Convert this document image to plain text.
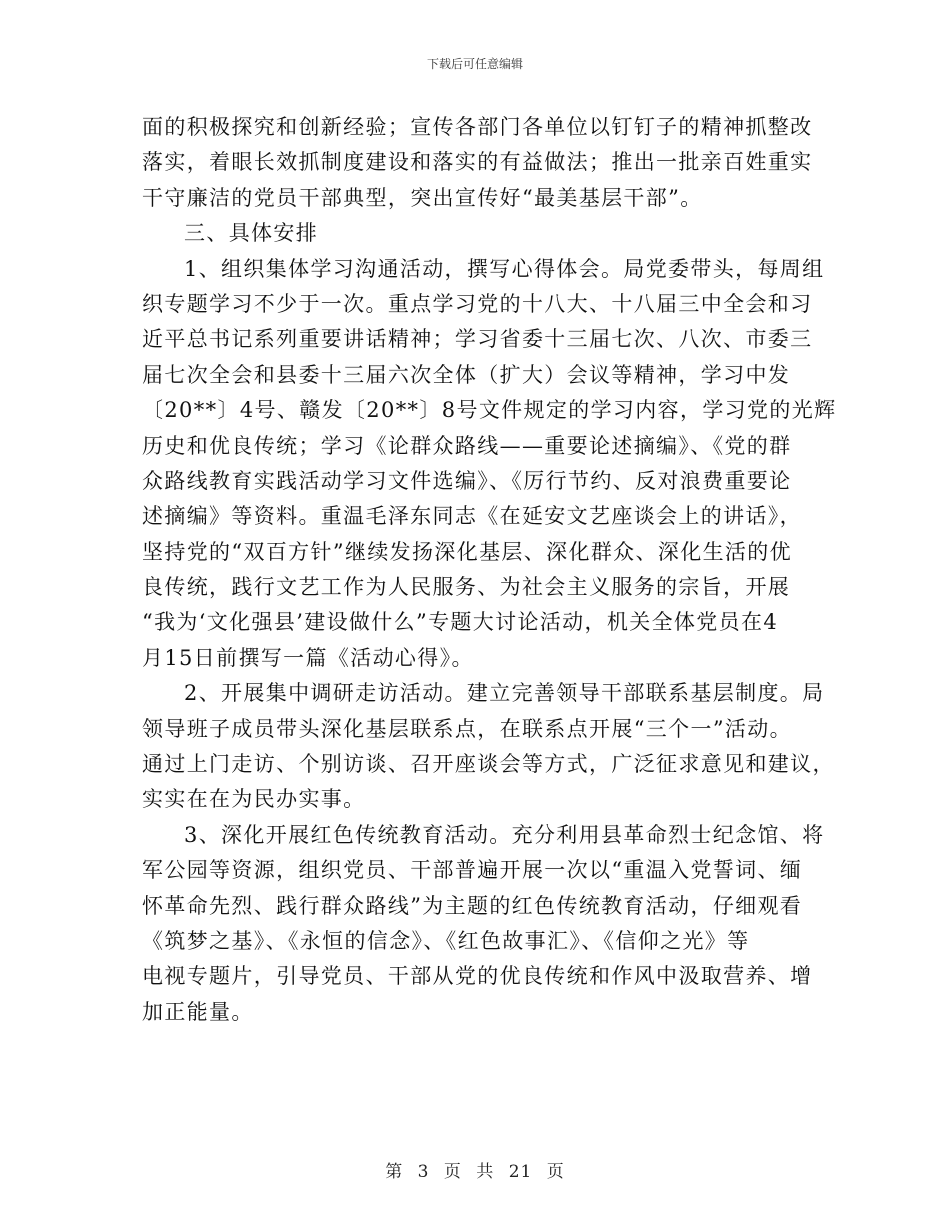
下载后可任意编辑
面的积极探究和创新经验；宣传各部门各单位以钉钉子的精神抓整改
落实，着眼长效抓制度建设和落实的有益做法；推出一批亲百姓重实
干守廉洁的党员干部典型，突出宣传好“最美基层干部”。
三、具体安排
1、组织集体学习沟通活动，撰写心得体会。局党委带头，每周组
织专题学习不少于一次。重点学习党的十八大、十八届三中全会和习
近平总书记系列重要讲话精神；学习省委十三届七次、八次、市委三
届七次全会和县委十三届六次全体（扩大）会议等精神，学习中发
〔20**〕4号、赣发〔20**〕8号文件规定的学习内容，学习党的光辉
历史和优良传统；学习《论群众路线——重要论述摘编》、《党的群
众路线教育实践活动学习文件选编》、《厉行节约、反对浪费重要论
述摘编》等资料。重温毛泽东同志《在延安文艺座谈会上的讲话》，
坚持党的“双百方针”继续发扬深化基层、深化群众、深化生活的优
良传统，践行文艺工作为人民服务、为社会主义服务的宗旨，开展
“我为‘文化强县’建设做什么”专题大讨论活动，机关全体党员在4
月15日前撰写一篇《活动心得》。
2、开展集中调研走访活动。建立完善领导干部联系基层制度。局
领导班子成员带头深化基层联系点，在联系点开展“三个一”活动。
通过上门走访、个别访谈、召开座谈会等方式，广泛征求意见和建议，
实实在在为民办实事。
3、深化开展红色传统教育活动。充分利用县革命烈士纪念馆、将
军公园等资源，组织党员、干部普遍开展一次以“重温入党誓词、缅
怀革命先烈、践行群众路线”为主题的红色传统教育活动，仔细观看
《筑梦之基》、《永恒的信念》、《红色故事汇》、《信仰之光》等
电视专题片，引导党员、干部从党的优良传统和作风中汲取营养、增
加正能量。
第 3 页 共 21 页
